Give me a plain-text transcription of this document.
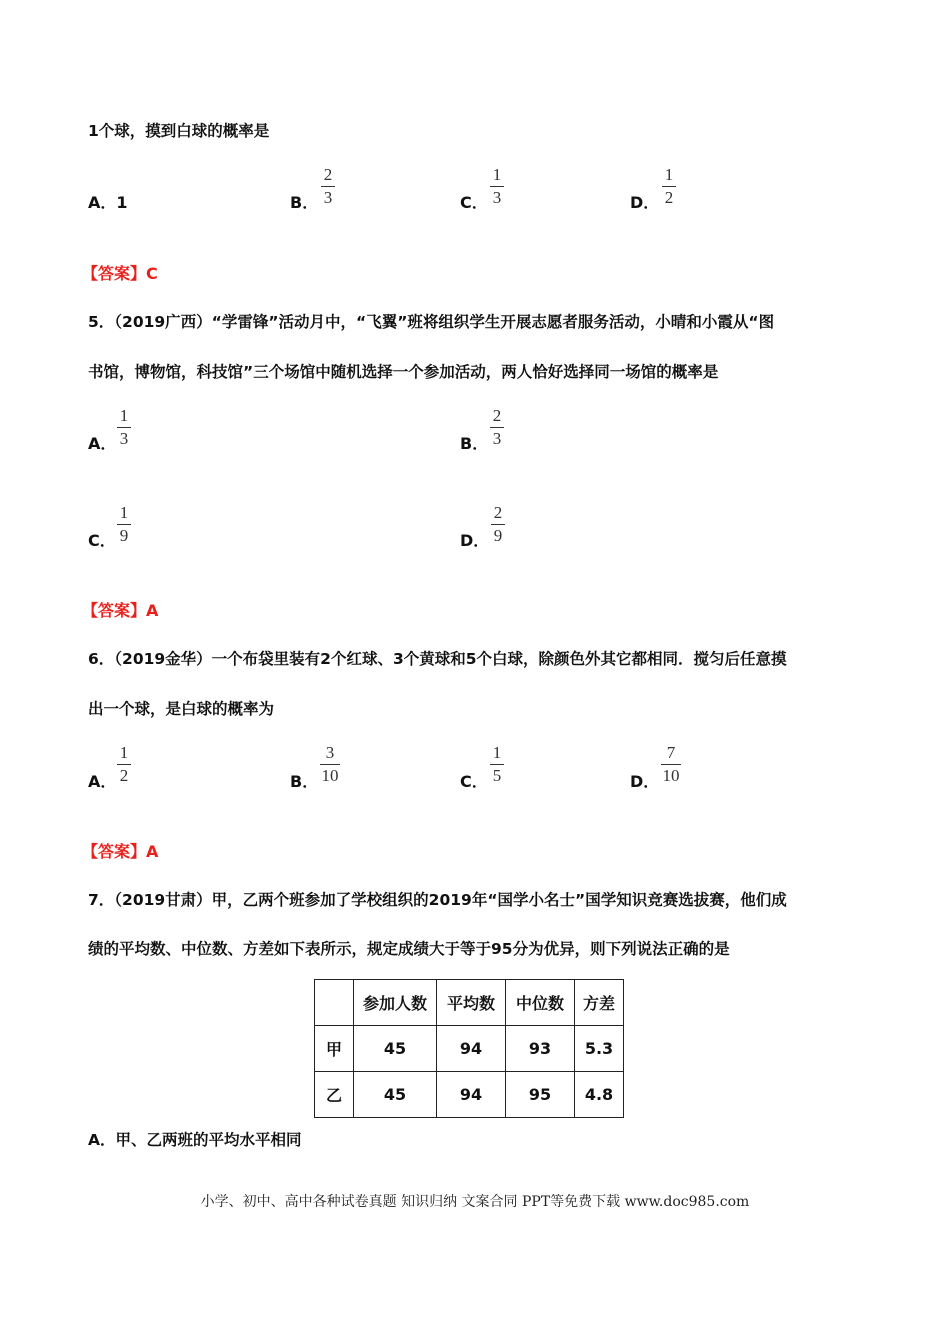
1个球，摸到白球的概率是
A．1	B．
2
3	C．
1
3	D．
1
2
【答案】C
5．（2019广西）“学雷锋”活动月中，“飞翼”班将组织学生开展志愿者服务活动，小晴和小霞从“图
书馆，博物馆，科技馆”三个场馆中随机选择一个参加活动，两人恰好选择同一场馆的概率是
A．
1
3	B．
2
3
C．
1
9	D．
2
9
【答案】A
6．（2019金华）一个布袋里装有2个红球、3个黄球和5个白球，除颜色外其它都相同．搅匀后任意摸
出一个球，是白球的概率为
A．
1
2	B．
3
10	C．
1
5	D．
7
10
【答案】A
7．（2019甘肃）甲，乙两个班参加了学校组织的2019年“国学小名士”国学知识竞赛选拔赛，他们成
绩的平均数、中位数、方差如下表所示，规定成绩大于等于95分为优异，则下列说法正确的是
	参加人数	平均数	中位数	方差
甲	45	94	93	5.3
乙	45	94	95	4.8
A．甲、乙两班的平均水平相同
小学、初中、高中各种试卷真题 知识归纳 文案合同 PPT等免费下载 www.doc985.com
